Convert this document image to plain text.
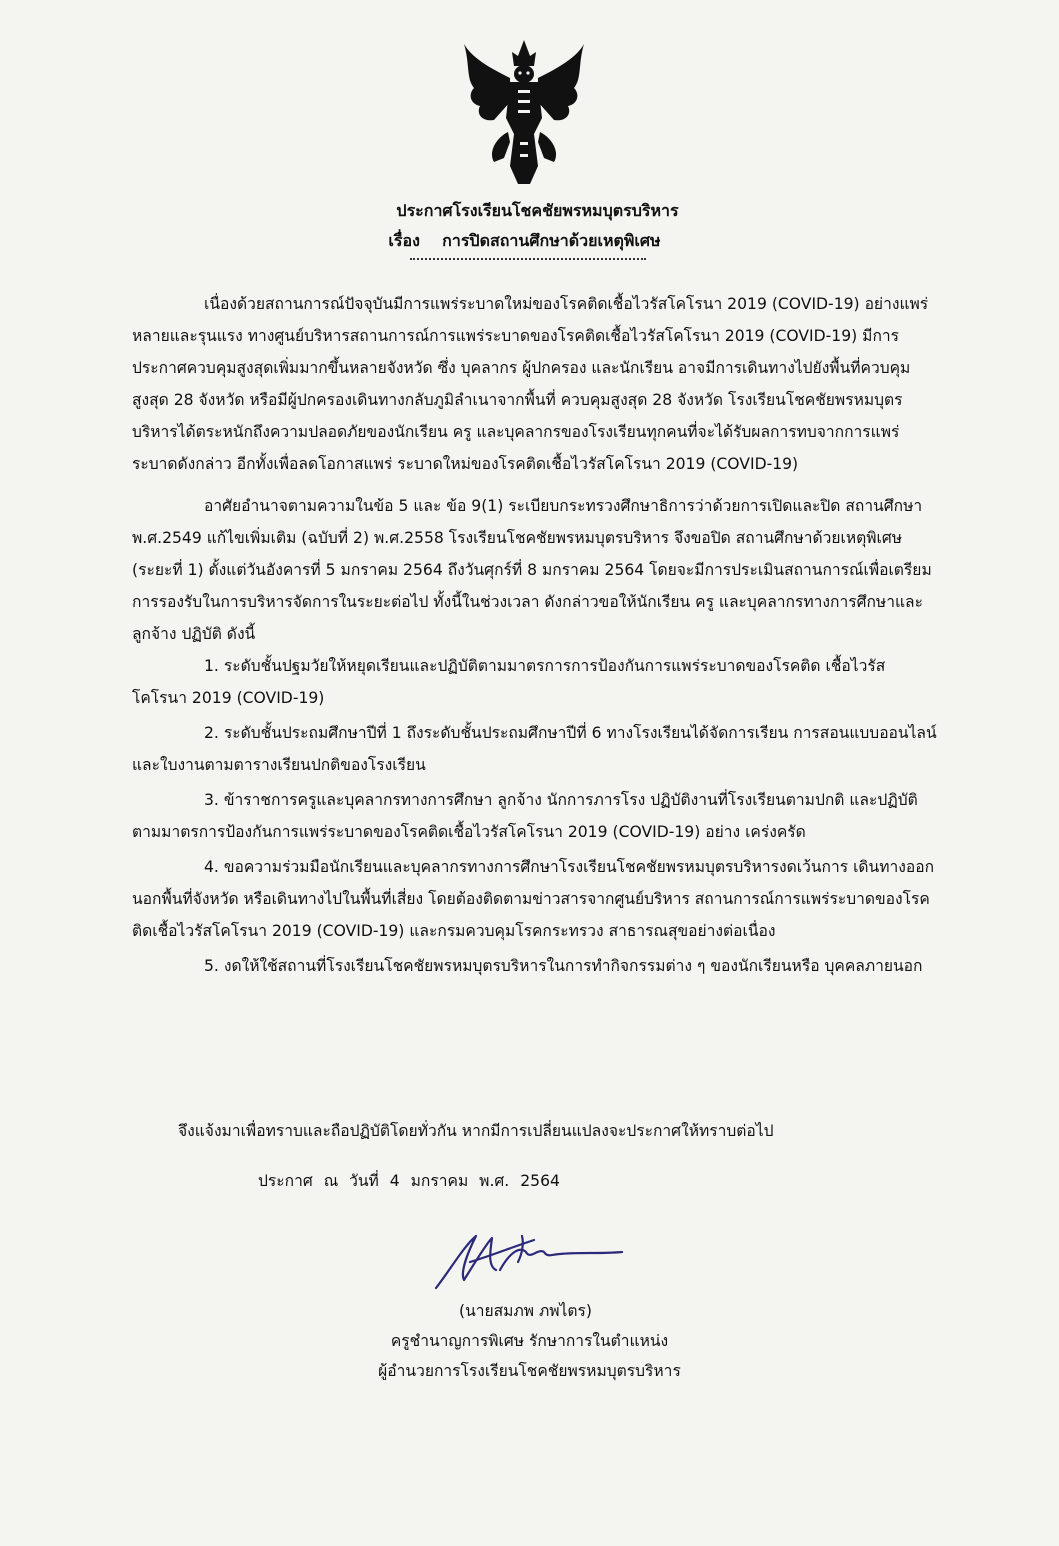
ประกาศโรงเรียนโชคชัยพรหมบุตรบริหาร
เรื่อง การปิดสถานศึกษาด้วยเหตุพิเศษ

เนื่องด้วยสถานการณ์ปัจจุบันมีการแพร่ระบาดใหม่ของโรคติดเชื้อไวรัสโคโรนา 2019 (COVID-19) อย่างแพร่หลายและรุนแรง ทางศูนย์บริหารสถานการณ์การแพร่ระบาดของโรคติดเชื้อไวรัสโคโรนา 2019 (COVID-19) มีการประกาศควบคุมสูงสุดเพิ่มมากขึ้นหลายจังหวัด ซึ่ง บุคลากร ผู้ปกครอง และนักเรียน อาจมีการเดินทางไปยังพื้นที่ควบคุมสูงสุด 28 จังหวัด หรือมีผู้ปกครองเดินทางกลับภูมิลำเนาจากพื้นที่ ควบคุมสูงสุด 28 จังหวัด โรงเรียนโชคชัยพรหมบุตรบริหารได้ตระหนักถึงความปลอดภัยของนักเรียน ครู และบุคลากรของโรงเรียนทุกคนที่จะได้รับผลการทบจากการแพร่ระบาดดังกล่าว อีกทั้งเพื่อลดโอกาสแพร่ ระบาดใหม่ของโรคติดเชื้อไวรัสโคโรนา 2019 (COVID-19)

อาศัยอำนาจตามความในข้อ 5 และ ข้อ 9(1) ระเบียบกระทรวงศึกษาธิการว่าด้วยการเปิดและปิด สถานศึกษา พ.ศ.2549 แก้ไขเพิ่มเติม (ฉบับที่ 2) พ.ศ.2558 โรงเรียนโชคชัยพรหมบุตรบริหาร จึงขอปิด สถานศึกษาด้วยเหตุพิเศษ (ระยะที่ 1) ตั้งแต่วันอังคารที่ 5 มกราคม 2564 ถึงวันศุกร์ที่ 8 มกราคม 2564 โดยจะมีการประเมินสถานการณ์เพื่อเตรียมการรองรับในการบริหารจัดการในระยะต่อไป ทั้งนี้ในช่วงเวลา ดังกล่าวขอให้นักเรียน ครู และบุคลากรทางการศึกษาและลูกจ้าง ปฏิบัติ ดังนี้

1. ระดับชั้นปฐมวัยให้หยุดเรียนและปฏิบัติตามมาตรการการป้องกันการแพร่ระบาดของโรคติด เชื้อไวรัสโคโรนา 2019 (COVID-19)

2. ระดับชั้นประถมศึกษาปีที่ 1 ถึงระดับชั้นประถมศึกษาปีที่ 6 ทางโรงเรียนได้จัดการเรียน การสอนแบบออนไลน์และใบงานตามตารางเรียนปกติของโรงเรียน

3. ข้าราชการครูและบุคลากรทางการศึกษา ลูกจ้าง นักการภารโรง ปฏิบัติงานที่โรงเรียนตามปกติ และปฏิบัติตามมาตรการป้องกันการแพร่ระบาดของโรคติดเชื้อไวรัสโคโรนา 2019 (COVID-19) อย่าง เคร่งครัด

4. ขอความร่วมมือนักเรียนและบุคลากรทางการศึกษาโรงเรียนโชคชัยพรหมบุตรบริหารงดเว้นการ เดินทางออกนอกพื้นที่จังหวัด หรือเดินทางไปในพื้นที่เสี่ยง โดยต้องติดตามข่าวสารจากศูนย์บริหาร สถานการณ์การแพร่ระบาดของโรคติดเชื้อไวรัสโคโรนา 2019 (COVID-19) และกรมควบคุมโรคกระทรวง สาธารณสุขอย่างต่อเนื่อง

5. งดให้ใช้สถานที่โรงเรียนโชคชัยพรหมบุตรบริหารในการทำกิจกรรมต่าง ๆ ของนักเรียนหรือ บุคคลภายนอก

จึงแจ้งมาเพื่อทราบและถือปฏิบัติโดยทั่วกัน หากมีการเปลี่ยนแปลงจะประกาศให้ทราบต่อไป
ประกาศ ณ วันที่ 4 มกราคม พ.ศ. 2564
(นายสมภพ ภพไตร)
ครูชำนาญการพิเศษ รักษาการในตำแหน่ง
ผู้อำนวยการโรงเรียนโชคชัยพรหมบุตรบริหาร
